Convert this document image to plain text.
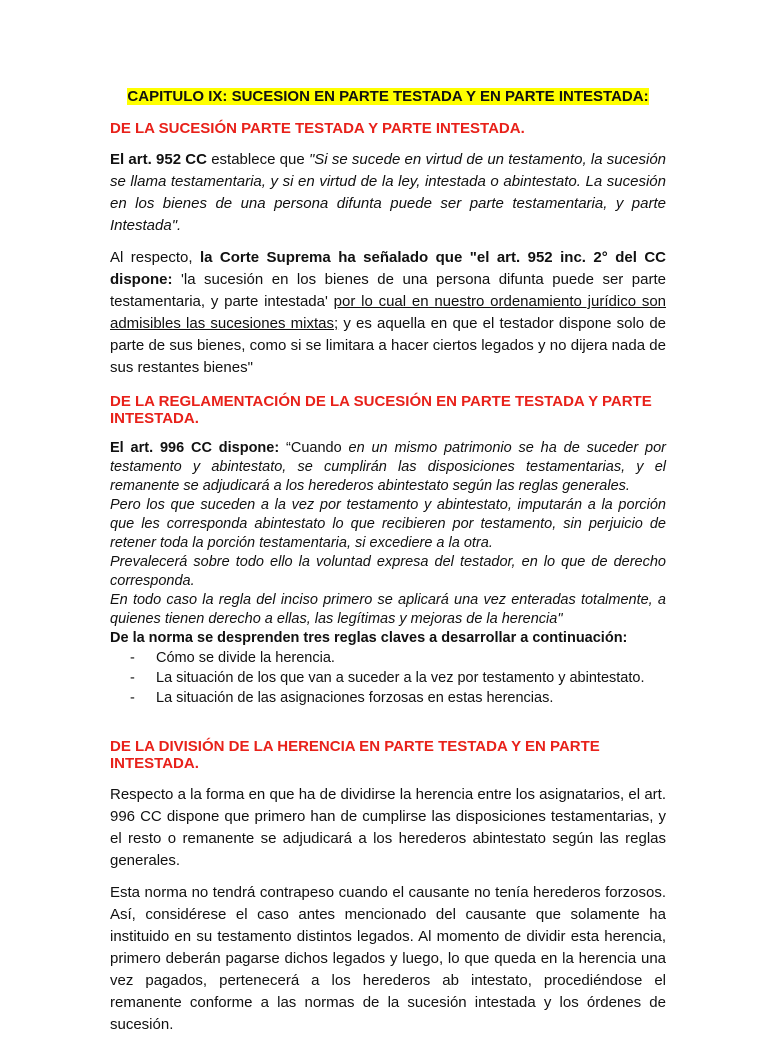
CAPITULO IX: SUCESION EN PARTE TESTADA Y EN PARTE INTESTADA:
DE LA SUCESIÓN PARTE TESTADA Y PARTE INTESTADA.

El art. 952 CC establece que "Si se sucede en virtud de un testamento, la sucesión se llama testamentaria, y si en virtud de la ley, intestada o abintestato. La sucesión en los bienes de una persona difunta puede ser parte testamentaria, y parte Intestada".

Al respecto, la Corte Suprema ha señalado que "el art. 952 inc. 2° del CC dispone: 'la sucesión en los bienes de una persona difunta puede ser parte testamentaria, y parte intestada' por lo cual en nuestro ordenamiento jurídico son admisibles las sucesiones mixtas; y es aquella en que el testador dispone solo de parte de sus bienes, como si se limitara a hacer ciertos legados y no dijera nada de sus restantes bienes"

DE LA REGLAMENTACIÓN DE LA SUCESIÓN EN PARTE TESTADA Y PARTE INTESTADA.

El art. 996 CC dispone: “Cuando en un mismo patrimonio se ha de suceder por testamento y abintestato, se cumplirán las disposiciones testamentarias, y el remanente se adjudicará a los herederos abintestato según las reglas generales.

Pero los que suceden a la vez por testamento y abintestato, imputarán a la porción que les corresponda abintestato lo que recibieren por testamento, sin perjuicio de retener toda la porción testamentaria, si excediere a la otra.

Prevalecerá sobre todo ello la voluntad expresa del testador, en lo que de derecho corresponda.

En todo caso la regla del inciso primero se aplicará una vez enteradas totalmente, a quienes tienen derecho a ellas, las legítimas y mejoras de la herencia"

De la norma se desprenden tres reglas claves a desarrollar a continuación:

- Cómo se divide la herencia.
- La situación de los que van a suceder a la vez por testamento y abintestato.
- La situación de las asignaciones forzosas en estas herencias.
DE LA DIVISIÓN DE LA HERENCIA EN PARTE TESTADA Y EN PARTE INTESTADA.

Respecto a la forma en que ha de dividirse la herencia entre los asignatarios, el art. 996 CC dispone que primero han de cumplirse las disposiciones testamentarias, y el resto o remanente se adjudicará a los herederos abintestato según las reglas generales.

Esta norma no tendrá contrapeso cuando el causante no tenía herederos forzosos. Así, considérese el caso antes mencionado del causante que solamente ha instituido en su testamento distintos legados. Al momento de dividir esta herencia, primero deberán pagarse dichos legados y luego, lo que queda en la herencia una vez pagados, pertenecerá a los herederos ab intestato, procediéndose el remanente conforme a las normas de la sucesión intestada y los órdenes de sucesión.
